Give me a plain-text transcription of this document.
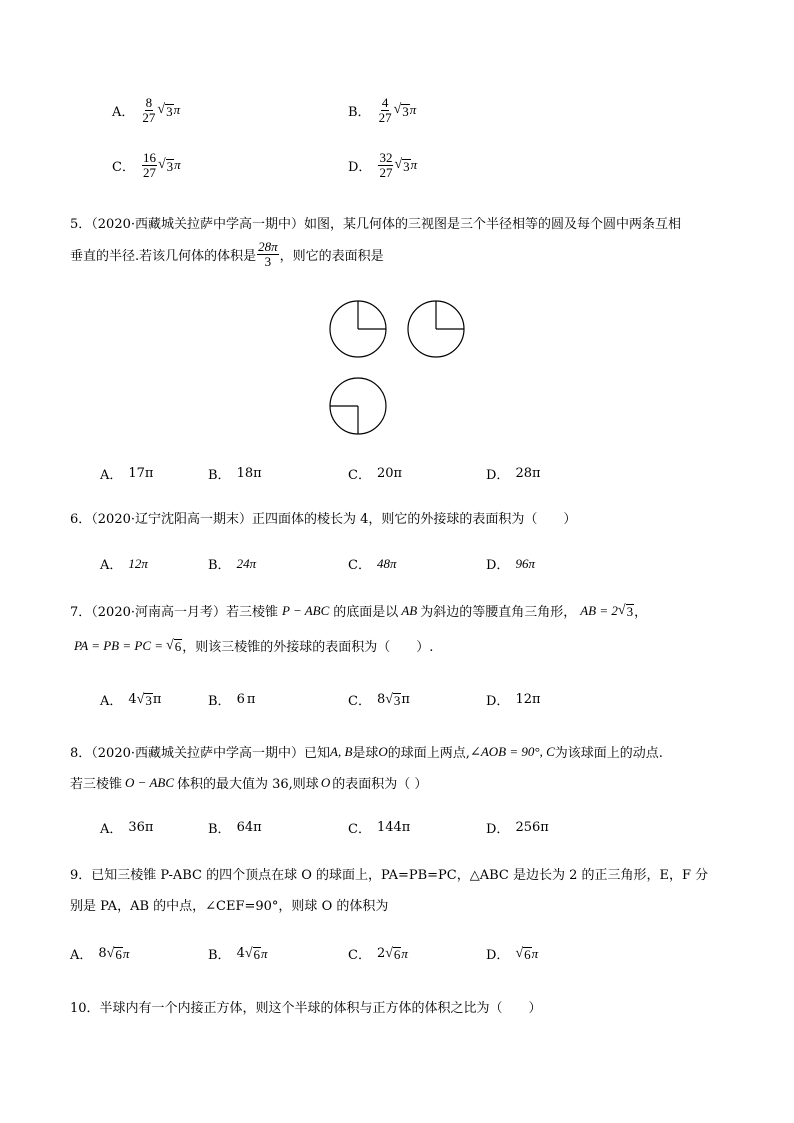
A． $\frac{8}{27}$ √ 3 π	B． $\frac{4}{27}$ √ 3 π
C． $\frac{16}{27}$ √ 3 π	D． $\frac{32}{27}$ √ 3 π
5．（2020·西藏城关拉萨中学高一期中）如图，某几何体的三视图是三个半径相等的圆及每个圆中两条互相
垂直的半径.若该几何体的体积是 $\frac{28\pi}{3}$ ，则它的表面积是
A． 17π	B． 18π	C． 20π	D． 28π
6．（2020·辽宁沈阳高一期末）正四面体的棱长为 4，则它的外接球的表面积为（　　）
A． 12π	B． 24π	C． 48π	D． 96π
7．（2020·河南高一月考）若三棱锥 P − ABC 的底面是以 AB 为斜边的等腰直角三角形， AB = 2 √ 3 ，
PA = PB = PC = √ 6 ，则该三棱锥的外接球的表面积为（　　）.
A． 4 √ 3 π	B． 6 π	C． 8 √ 3 π	D． 12 π
8．（2020·西藏城关拉萨中学高一期中）已知 A, B 是球 O 的球面上两点, ∠AOB = 90°, C 为该球面上的动点.
若三棱锥 O − ABC 体积的最大值为 36,则球 O 的表面积为（ ）
A． 36π	B． 64π	C． 144π	D． 256π
9．已知三棱锥 P-ABC 的四个顶点在球 O 的球面上，PA=PB=PC，△ABC 是边长为 2 的正三角形，E，F 分
别是 PA，AB 的中点，∠CEF=90°，则球 O 的体积为
A． 8 √ 6 π	B． 4 √ 6 π	C． 2 √ 6 π	D． √ 6 π
10．半球内有一个内接正方体，则这个半球的体积与正方体的体积之比为（　　）
